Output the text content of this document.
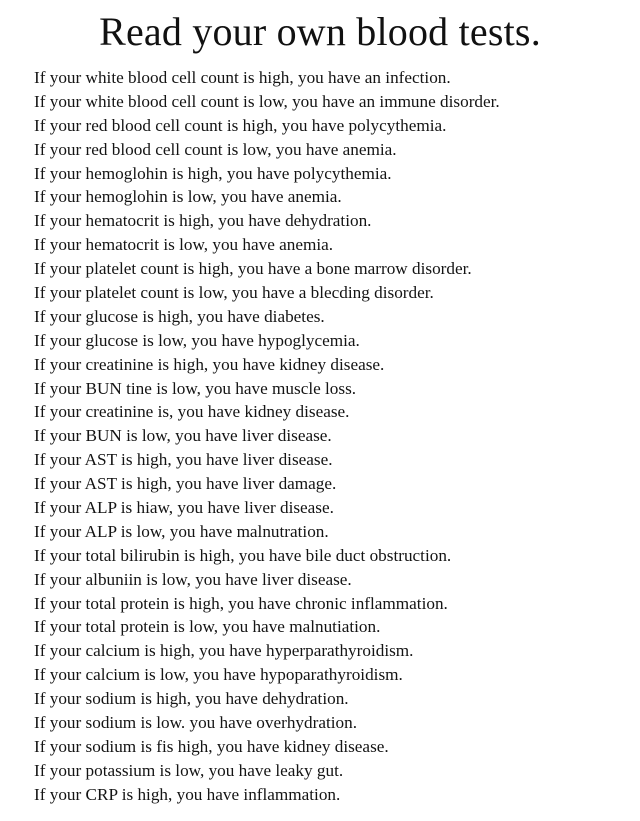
Read your own blood tests.
If your white blood cell count is high, you have an infection.
If your white blood cell count is low, you have an immune disorder.
If your red blood cell count is high, you have polycythemia.
If your red blood cell count is low, you have anemia.
If your hemoglohin is high, you have polycythemia.
If your hemoglohin is low, you have anemia.
If your hematocrit is high, you have dehydration.
If your hematocrit is low, you have anemia.
If your platelet count is high, you have a bone marrow disorder.
If your platelet count is low, you have a blecding disorder.
If your glucose is high, you have diabetes.
If your glucose is low, you have hypoglycemia.
If your creatinine is high, you have kidney disease.
If your BUN tine is low, you have muscle loss.
If your creatinine is, you have kidney disease.
If your BUN is low, you have liver disease.
If your AST is high, you have liver disease.
If your AST is high, you have liver damage.
If your ALP is hiaw, you have liver disease.
If your ALP is low, you have malnutration.
If your total bilirubin is high, you have bile duct obstruction.
If your albuniin is low, you have liver disease.
If your total protein is high, you have chronic inflammation.
If your total protein is low, you have malnutiation.
If your calcium is high, you have hyperparathyroidism.
If your calcium is low, you have hypoparathyroidism.
If your sodium is high, you have dehydration.
If your sodium is low. you have overhydration.
If your sodium is fis high, you have kidney disease.
If your potassium is low, you have leaky gut.
If your CRP is high, you have inflammation.
